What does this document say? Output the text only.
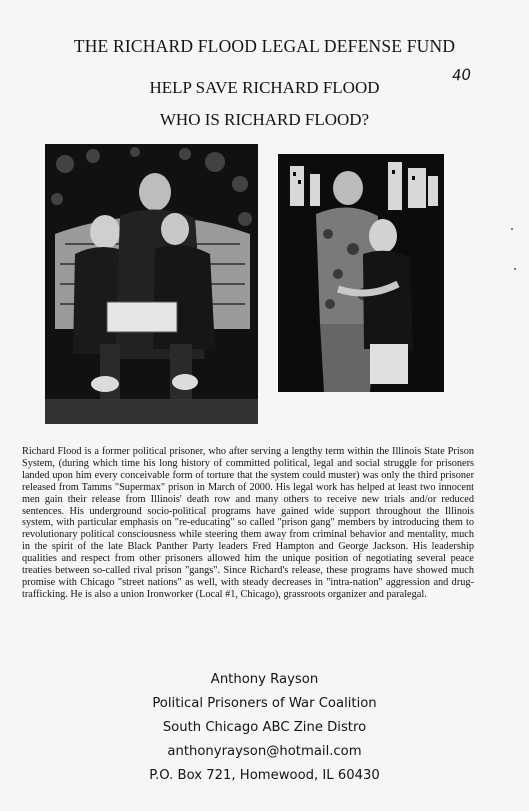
THE RICHARD FLOOD LEGAL DEFENSE FUND
40
HELP SAVE RICHARD FLOOD
WHO IS RICHARD FLOOD?
Richard Flood is a former political prisoner, who after serving a lengthy term within the Illinois State Prison System, (during which time his long history of committed political, legal and social struggle for prisoners landed upon him every conceivable form of torture that the system could muster) was only the third prisoner released from Tamms "Supermax" prison in March of 2000. His legal work has helped at least two innocent men gain their release from Illinois' death row and many others to receive new trials and/or reduced sentences. His underground socio-political programs have gained wide support throughout the Illinois system, with particular emphasis on "re-educating" so called "prison gang" members by introducing them to revolutionary political consciousness while steering them away from criminal behavior and mentality, much in the spirit of the late Black Panther Party leaders Fred Hampton and George Jackson. His leadership qualities and respect from other prisoners allowed him the unique position of negotiating several peace treaties between so-called rival prison "gangs". Since Richard's release, these programs have showed much promise with Chicago "street nations" as well, with steady decreases in "intra-nation" aggression and drug-trafficking. He is also a union Ironworker (Local #1, Chicago), grassroots organizer and paralegal.
Anthony Rayson
Political Prisoners of War Coalition
South Chicago ABC Zine Distro
anthonyrayson@hotmail.com
P.O. Box 721, Homewood, IL 60430
